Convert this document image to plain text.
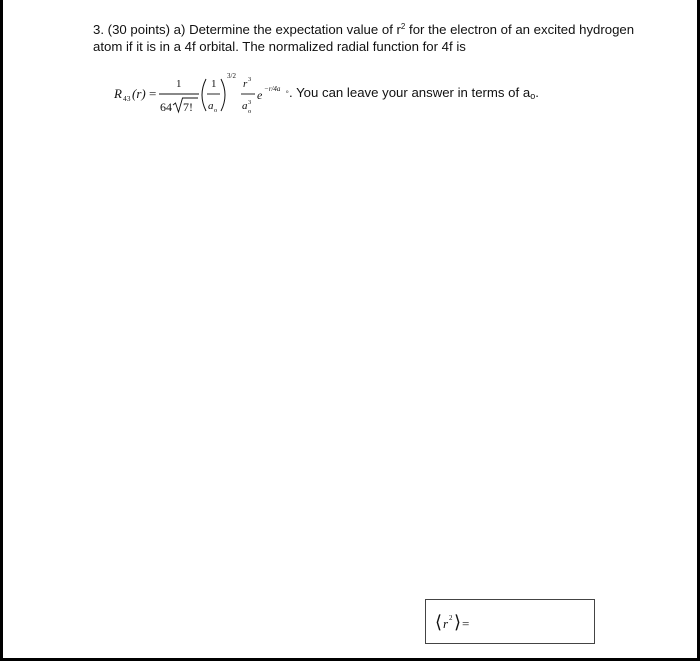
3. (30 points) a) Determine the expectation value of $r^2$ for the electron of an excited hydrogen atom if it is in a 4f orbital. The normalized radial function for 4f is
R 43 (r) =
1
64 7!
1
a o
3/2
r 3
a 3
o
e −r/4a o . You can leave your answer in terms of $a_o$.
⟨ r 2 ⟩ =
